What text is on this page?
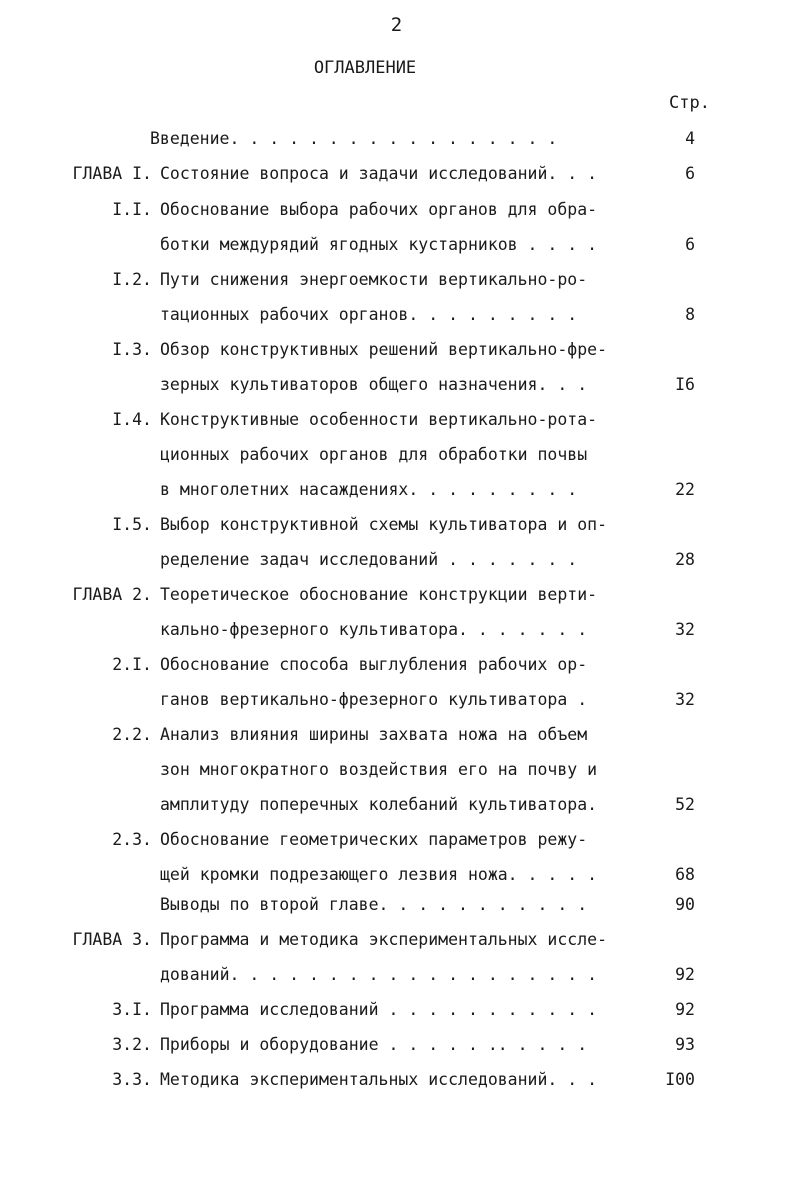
2
ОГЛАВЛЕНИЕ
Стр.
Введение. . . . . . . . . . . . . . . . .	4
ГЛАВА I. Состояние вопроса и задачи исследований. . .	6
I.I. Обоснование выбора рабочих органов для обра-
ботки междурядий ягодных кустарников . . . .	6
I.2. Пути снижения энергоемкости вертикально-ро-
тационных рабочих органов. . . . . . . . .	8
I.3. Обзор конструктивных решений вертикально-фре-
зерных культиваторов общего назначения. . .	I6
I.4. Конструктивные особенности вертикально-рота-
ционных рабочих органов для обработки почвы
в многолетних насаждениях. . . . . . . . .	22
I.5. Выбор конструктивной схемы культиватора и оп-
ределение задач исследований . . . . . . .	28
ГЛАВА 2. Теоретическое обоснование конструкции верти-
кально-фрезерного культиватора. . . . . . .	32
2.I. Обоснование способа выглубления рабочих ор-
ганов вертикально-фрезерного культиватора .	32
2.2. Анализ влияния ширины захвата ножа на объем
зон многократного воздействия его на почву и
амплитуду поперечных колебаний культиватора.	52
2.3. Обоснование геометрических параметров режу-
щей кромки подрезающего лезвия ножа. . . . .	68
Выводы по второй главе. . . . . . . . . . .	90
ГЛАВА 3. Программа и методика экспериментальных иссле-
дований. . . . . . . . . . . . . . . . . . .	92
3.I. Программа исследований . . . . . . . . . . .	92
3.2. Приборы и оборудование . . . . . .. . . . .	93
3.3. Методика экспериментальных исследований. . .	I00
